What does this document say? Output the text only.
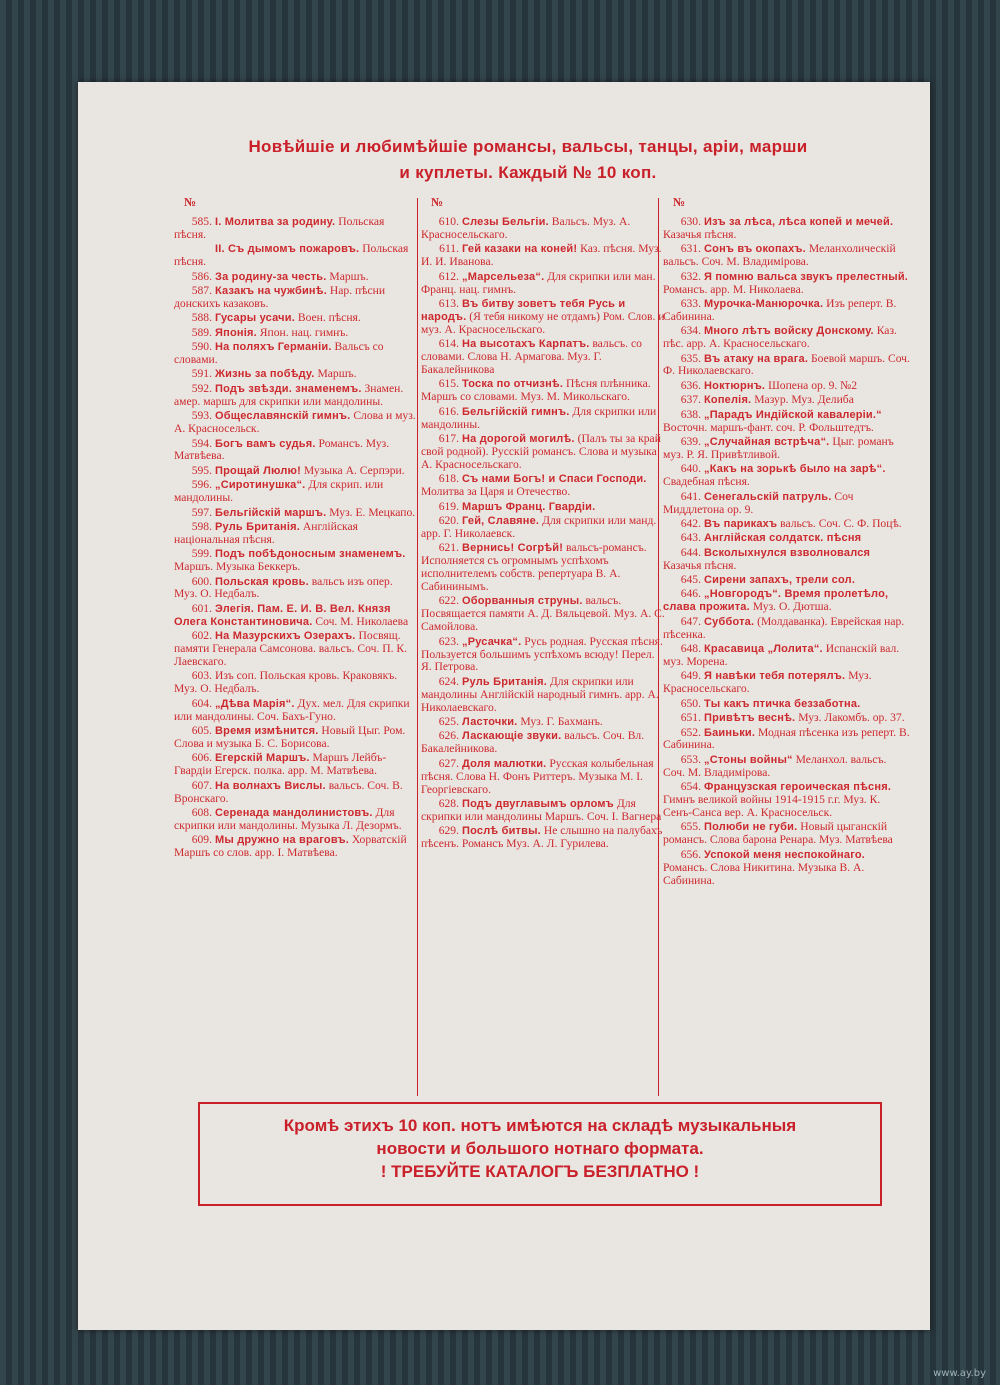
Новѣйшiе и любимѣйшiе романсы, вальсы, танцы, арiи, марши
и куплеты. Каждый № 10 коп.
№
585. I. Молитва за родину. Польская пѣсня.
II. Съ дымомъ пожаровъ. Польская пѣсня.
586. За родину-за честь. Маршъ.
587. Казакъ на чужбинѣ. Нар. пѣсни донскихъ казаковъ.
588. Гусары усачи. Воен. пѣсня.
589. Японiя. Япон. нац. гимнъ.
590. На поляхъ Германiи. Вальсъ со словами.
591. Жизнь за побѣду. Маршъ.
592. Подъ звѣзди. знаменемъ. Знамен. амер. маршъ для скрипки или мандолины.
593. Общеславянскiй гимнъ. Слова и муз. А. Красносельск.
594. Богъ вамъ судья. Романсъ. Муз. Матвѣева.
595. Прощай Люлю! Музыка А. Серпэри.
596. „Сиротинушка“. Для скрип. или мандолины.
597. Бельгiйскiй маршъ. Муз. Е. Мецкапо.
598. Руль Британiя. Англiйская нацiональная пѣсня.
599. Подъ побѣдоносным знаменемъ. Маршъ. Музыка Беккеръ.
600. Польская кровь. вальсъ изъ опер. Муз. О. Недбалъ.
601. Элегiя. Пам. Е. И. В. Вел. Князя Олега Константиновича. Соч. М. Николаева
602. На Мазурскихъ Озерахъ. Посвящ. памяти Генерала Самсонова. вальсъ. Соч. П. К. Лаевскаго.
603. Изъ соп. Польская кровь. Краковякъ. Муз. О. Недбалъ.
604. „Дѣва Марiя“. Дух. мел. Для скрипки или мандолины. Соч. Бахъ-Гуно.
605. Время измѣнится. Новый Цыг. Ром. Слова и музыка Б. С. Борисова.
606. Егерскiй Маршъ. Маршъ Лейбъ-Гвардiи Егерск. полка. арр. М. Матвѣева.
607. На волнахъ Вислы. вальсъ. Соч. В. Вронскаго.
608. Серенада мандолинистовъ. Для скрипки или мандолины. Музыка Л. Дезормъ.
609. Мы дружно на враговъ. Хорватскiй Маршъ со слов. арр. I. Матвѣева.
№
610. Слезы Бельгiи. Вальсъ. Муз. А. Красносельскаго.
611. Гей казаки на коней! Каз. пѣсня. Муз. И. И. Иванова.
612. „Марсельеза“. Для скрипки или ман. Франц. нац. гимнъ.
613. Въ битву зоветъ тебя Русь и народъ. (Я тебя никому не отдамъ) Ром. Слов. и муз. А. Красносельскаго.
614. На высотахъ Карпатъ. вальсъ. со словами. Слова Н. Армагова. Муз. Г. Бакалейникова
615. Тоска по отчизнѣ. Пѣсня плѣнника. Маршъ со словами. Муз. М. Микольскаго.
616. Бельгiйскiй гимнъ. Для скрипки или мандолины.
617. На дорогой могилѣ. (Палъ ты за край свой родной). Русскiй романсъ. Слова и музыка А. Красносельскаго.
618. Съ нами Богъ! и Спаси Господи. Молитва за Царя и Отечество.
619. Маршъ Франц. Гвардiи.
620. Гей, Славяне. Для скрипки или манд. арр. Г. Николаевск.
621. Вернись! Согрѣй! вальсъ-романсъ. Исполняется съ огромнымъ успѣхомъ исполнителемъ собств. репертуара В. А. Сабининымъ.
622. Оборванныя струны. вальсъ. Посвящается памяти А. Д. Вяльцевой. Муз. А. С. Самойлова.
623. „Русачка“. Русь родная. Русская пѣсня. Пользуется большимъ успѣхомъ всюду! Перел. Я. Петрова.
624. Руль Британiя. Для скрипки или мандолины Англiйскiй народный гимнъ. арр. А. Николаевскаго.
625. Ласточки. Муз. Г. Бахманъ.
626. Ласкающiе звуки. вальсъ. Соч. Вл. Бакалейникова.
627. Доля малютки. Русская колыбельная пѣсня. Слова Н. Фонъ Риттеръ. Музыка М. I. Георгiевскаго.
628. Подъ двуглавымъ орломъ Для скрипки или мандолины Маршъ. Соч. I. Вагнера
629. Послѣ битвы. Не слышно на палубахъ пѣсенъ. Романсъ Муз. А. Л. Гурилева.
№
630. Изъ за лѣса, лѣса копей и мечей. Казачья пѣсня.
631. Сонъ въ окопахъ. Меланхолическiй вальсъ. Соч. М. Владимiрова.
632. Я помню вальса звукъ прелестный. Романсъ. арр. М. Николаева.
633. Мурочка-Манюрочка. Изъ реперт. В. Сабинина.
634. Много лѣтъ войску Донскому. Каз. пѣс. арр. А. Красносельскаго.
635. Въ атаку на врага. Боевой маршъ. Соч. Ф. Николаевскаго.
636. Ноктюрнъ. Шопена ор. 9. №2
637. Копелiя. Мазур. Муз. Делиба
638. „Парадъ Индiйской кавалерiи.“ Восточн. маршъ-фант. соч. Р. Фольштедтъ.
639. „Случайная встрѣча“. Цыг. романъ муз. Р. Я. Привѣтливой.
640. „Какъ на зорькѣ было на зарѣ“. Свадебная пѣсня.
641. Сенегальскiй патруль. Соч Миддлетона ор. 9.
642. Въ парикахъ вальсъ. Соч. С. Ф. Поцѣ.
643. Англiйская солдатск. пѣсня
644. Всколыхнулся взволновался Казачья пѣсня.
645. Сирени запахъ, трели сол.
646. „Новгородъ“. Время пролетѣло, слава прожита. Муз. О. Дютша.
647. Суббота. (Молдаванка). Еврейская нар. пѣсенка.
648. Красавица „Лолита“. Испанскiй вал. муз. Морена.
649. Я навѣки тебя потерялъ. Муз. Красносельскаго.
650. Ты какъ птичка беззаботна.
651. Привѣтъ веснѣ. Муз. Лакомбъ. ор. 37.
652. Баиньки. Модная пѣсенка изъ реперт. В. Сабинина.
653. „Стоны войны“ Меланхол. вальсъ. Соч. М. Владимiрова.
654. Французская героическая пѣсня. Гимнъ великой войны 1914-1915 г.г. Муз. К. Сенъ-Санса вер. А. Красносельск.
655. Полюби не губи. Новый цыганскiй романсъ. Слова барона Ренара. Муз. Матвѣева
656. Успокой меня неспокойнаго. Романсъ. Слова Никитина. Музыка В. А. Сабинина.
Кромѣ этихъ 10 коп. нотъ имѣются на складѣ музыкальныя
новости и большого нотнаго формата.
! ТРЕБУЙТЕ КАТАЛОГЪ БЕЗПЛАТНО !
www.ay.by
